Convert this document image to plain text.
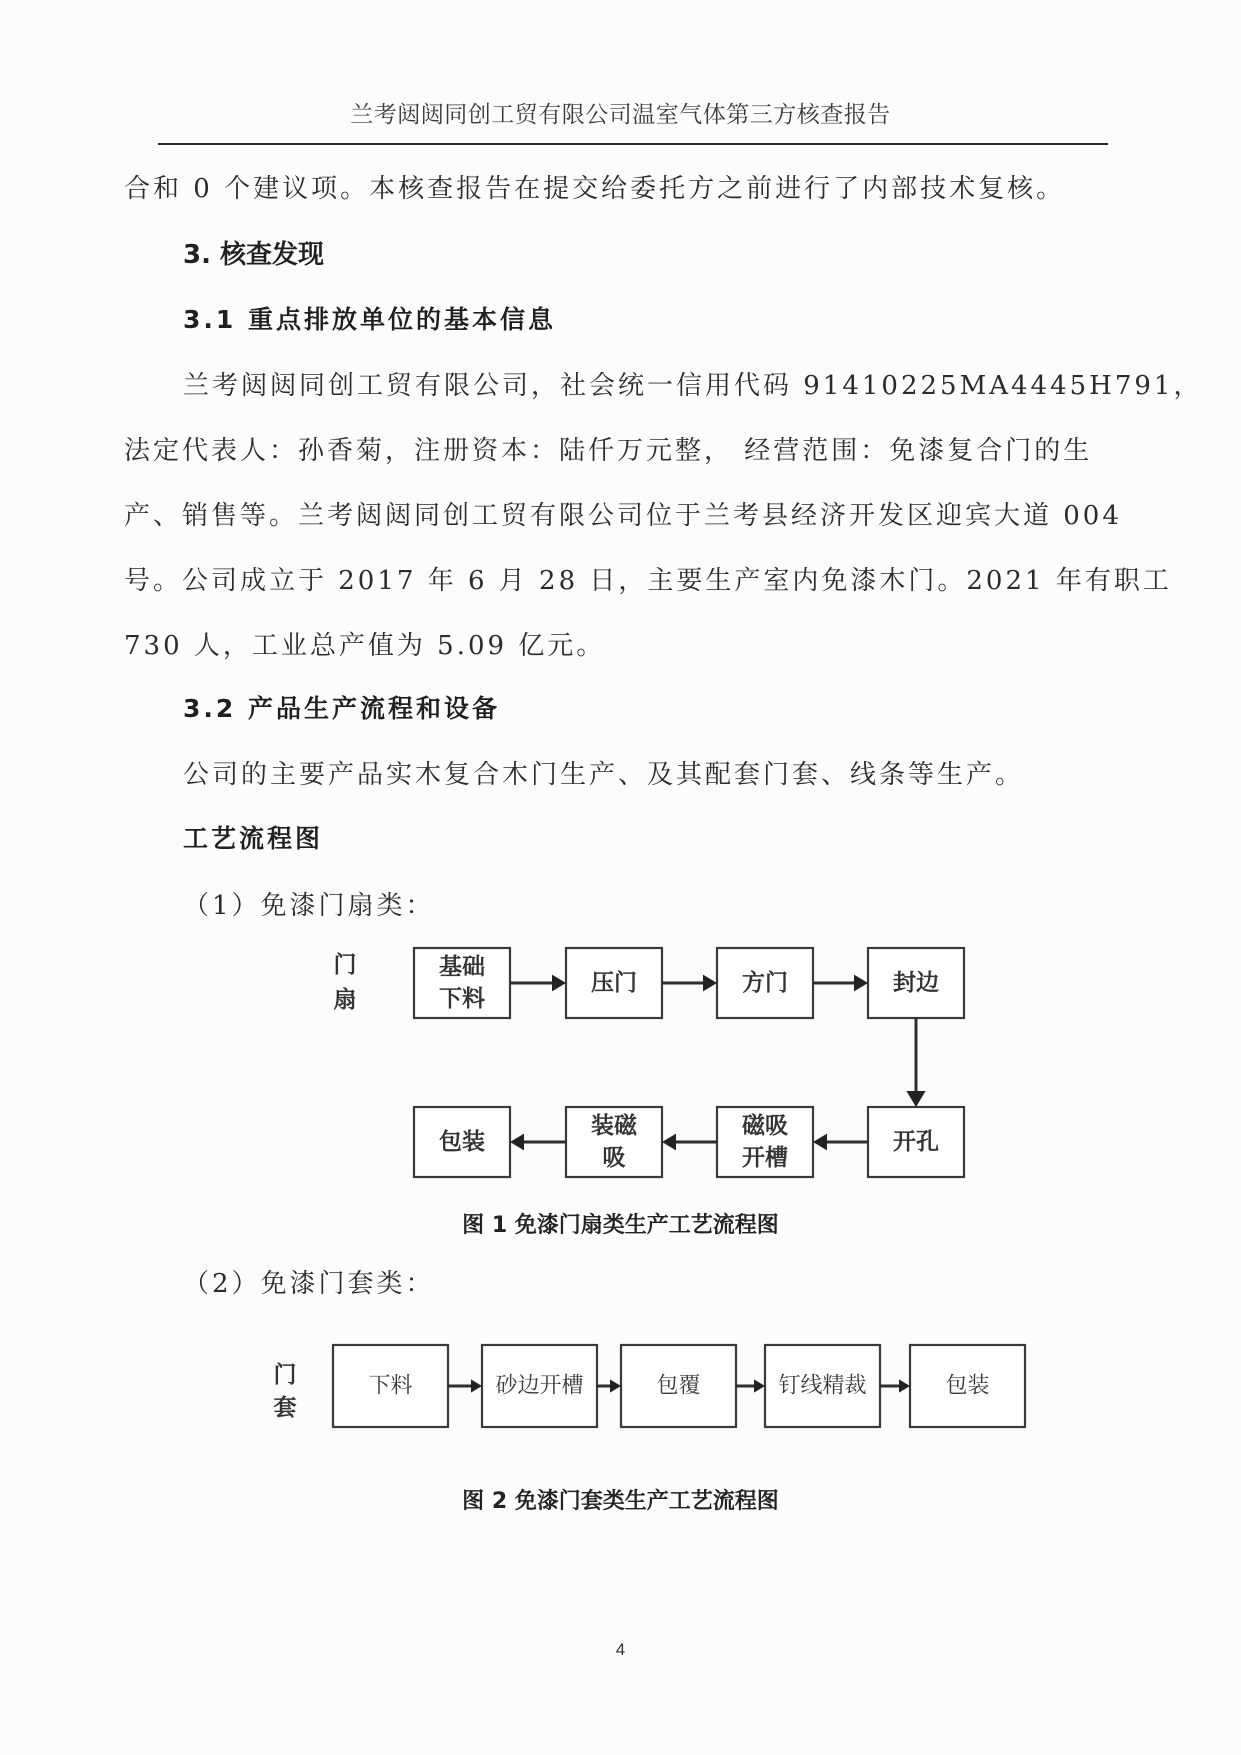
兰考闼闼同创工贸有限公司温室气体第三方核查报告
合和 0 个建议项。本核查报告在提交给委托方之前进行了内部技术复核。
3. 核查发现
3.1 重点排放单位的基本信息
兰考闼闼同创工贸有限公司，社会统一信用代码 91410225MA4445H791，
法定代表人：孙香菊，注册资本：陆仟万元整， 经营范围：免漆复合门的生
产、销售等。兰考闼闼同创工贸有限公司位于兰考县经济开发区迎宾大道 004
号。公司成立于 2017 年 6 月 28 日，主要生产室内免漆木门。2021 年有职工
730 人，工业总产值为 5.09 亿元。
3.2 产品生产流程和设备
公司的主要产品实木复合木门生产、及其配套门套、线条等生产。
工艺流程图
（1）免漆门扇类：
门
扇
基础
下料
压门	方门	封边
包装
装磁
吸
磁吸
开槽
开孔
图 1 免漆门扇类生产工艺流程图
（2）免漆门套类：
门
套
下料	砂边开槽	包覆	钉线精裁	包装
图 2 免漆门套类生产工艺流程图
4
